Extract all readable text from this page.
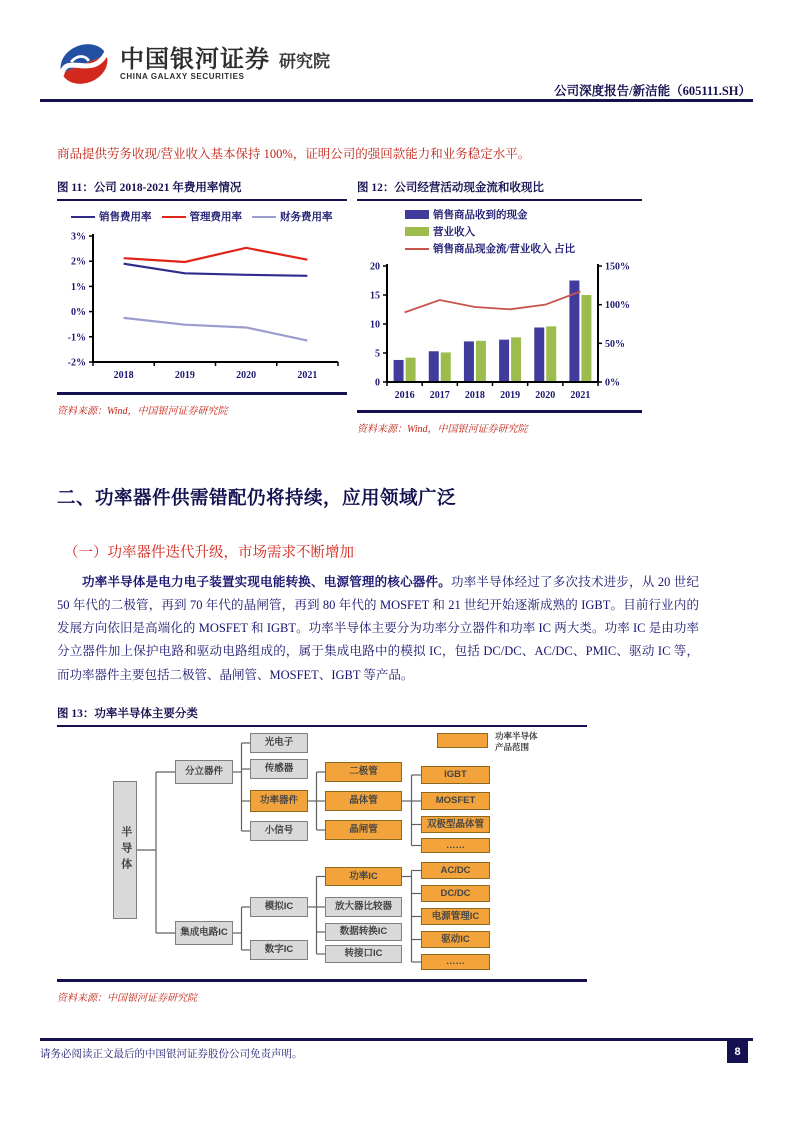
中国银河证券
CHINA GALAXY SECURITIES
研究院
公司深度报告/新洁能（605111.SH）
商品提供劳务收现/营业收入基本保持 100%，证明公司的强回款能力和业务稳定水平。
图 11：公司 2018-2021 年费用率情况
销售费用率	管理费用率	财务费用率
3%
2%
1%
0%
-1%
-2%
2018	2019	2020	2021
资料来源：Wind，中国银河证券研究院
图 12：公司经营活动现金流和收现比
销售商品收到的现金
营业收入
销售商品现金流/营业收入 占比
0
5
10
15
20
0%
50%
100%
150%
2016 2017 2018 2019 2020 2021
资料来源：Wind，中国银河证券研究院
二、功率器件供需错配仍将持续，应用领域广泛
（一）功率器件迭代升级，市场需求不断增加

功率半导体是电力电子装置实现电能转换、电源管理的核心器件。功率半导体经过了多次技术进步，从 20 世纪 50 年代的二极管，再到 70 年代的晶闸管，再到 80 年代的 MOSFET 和 21 世纪开始逐渐成熟的 IGBT。目前行业内的发展方向依旧是高端化的 MOSFET 和 IGBT。功率半导体主要分为功率分立器件和功率 IC 两大类。功率 IC 是由功率分立器件加上保护电路和驱动电路组成的，属于集成电路中的模拟 IC，包括 DC/DC、AC/DC、PMIC、驱动 IC 等，而功率器件主要包括二极管、晶闸管、MOSFET、IGBT 等产品。

图 13：功率半导体主要分类
功率半导体
产品范围
半导体
分立器件
集成电路IC
光电子
传感器
功率器件
小信号
二极管
晶体管
晶闸管
IGBT
MOSFET
双极型晶体管
……
模拟IC
数字IC
功率IC
放大器比较器
数据转换IC
转接口IC
AC/DC
DC/DC
电源管理IC
驱动IC
……
资料来源：中国银河证券研究院
请务必阅读正文最后的中国银河证券股份公司免责声明。	8
